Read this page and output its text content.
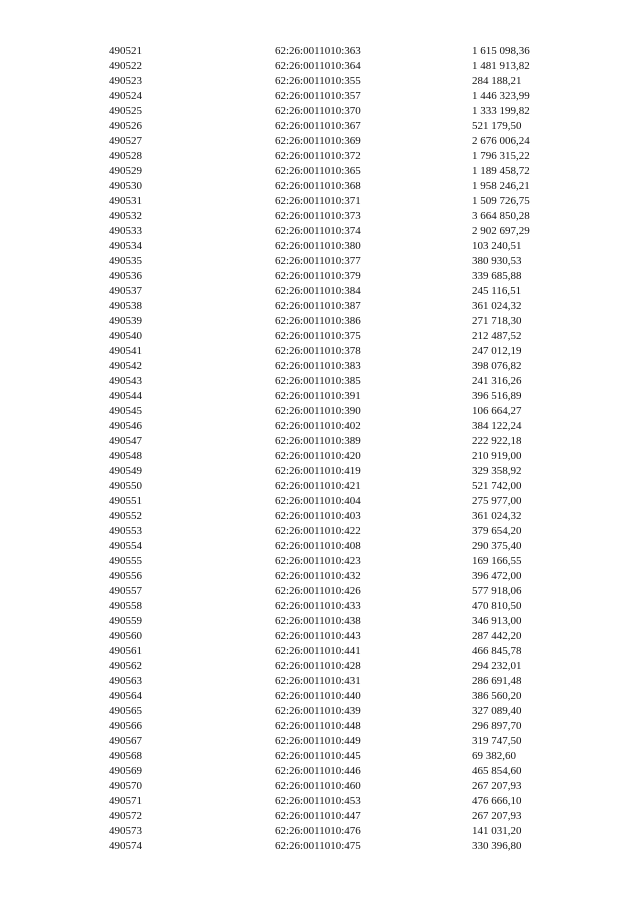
490521	62:26:0011010:363	1 615 098,36
490522	62:26:0011010:364	1 481 913,82
490523	62:26:0011010:355	284 188,21
490524	62:26:0011010:357	1 446 323,99
490525	62:26:0011010:370	1 333 199,82
490526	62:26:0011010:367	521 179,50
490527	62:26:0011010:369	2 676 006,24
490528	62:26:0011010:372	1 796 315,22
490529	62:26:0011010:365	1 189 458,72
490530	62:26:0011010:368	1 958 246,21
490531	62:26:0011010:371	1 509 726,75
490532	62:26:0011010:373	3 664 850,28
490533	62:26:0011010:374	2 902 697,29
490534	62:26:0011010:380	103 240,51
490535	62:26:0011010:377	380 930,53
490536	62:26:0011010:379	339 685,88
490537	62:26:0011010:384	245 116,51
490538	62:26:0011010:387	361 024,32
490539	62:26:0011010:386	271 718,30
490540	62:26:0011010:375	212 487,52
490541	62:26:0011010:378	247 012,19
490542	62:26:0011010:383	398 076,82
490543	62:26:0011010:385	241 316,26
490544	62:26:0011010:391	396 516,89
490545	62:26:0011010:390	106 664,27
490546	62:26:0011010:402	384 122,24
490547	62:26:0011010:389	222 922,18
490548	62:26:0011010:420	210 919,00
490549	62:26:0011010:419	329 358,92
490550	62:26:0011010:421	521 742,00
490551	62:26:0011010:404	275 977,00
490552	62:26:0011010:403	361 024,32
490553	62:26:0011010:422	379 654,20
490554	62:26:0011010:408	290 375,40
490555	62:26:0011010:423	169 166,55
490556	62:26:0011010:432	396 472,00
490557	62:26:0011010:426	577 918,06
490558	62:26:0011010:433	470 810,50
490559	62:26:0011010:438	346 913,00
490560	62:26:0011010:443	287 442,20
490561	62:26:0011010:441	466 845,78
490562	62:26:0011010:428	294 232,01
490563	62:26:0011010:431	286 691,48
490564	62:26:0011010:440	386 560,20
490565	62:26:0011010:439	327 089,40
490566	62:26:0011010:448	296 897,70
490567	62:26:0011010:449	319 747,50
490568	62:26:0011010:445	69 382,60
490569	62:26:0011010:446	465 854,60
490570	62:26:0011010:460	267 207,93
490571	62:26:0011010:453	476 666,10
490572	62:26:0011010:447	267 207,93
490573	62:26:0011010:476	141 031,20
490574	62:26:0011010:475	330 396,80
